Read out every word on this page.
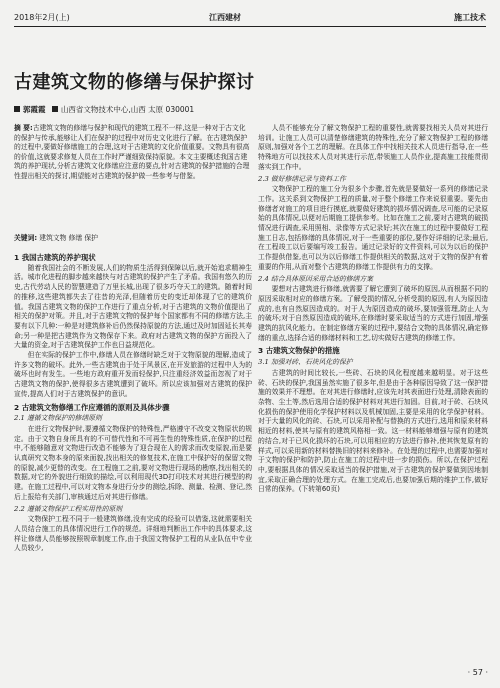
2018年2月(上)	江西建材	施工技术
古建筑文物的修缮与保护探讨
郭霞霞 山西省文物技术中心,山西 太原 030001
摘 要:古建筑文物的修缮与保护和现代的建筑工程不一样,这是一种对于古文化的保护与传承,能够让人们在保护的过程中对历史文化进行了解。在古建筑保护的过程中,要做好修缮施工的合理,这对于古建筑的文化价值重要。文物具有很高的价值,这就要求修复人员在工作时严谨细致保持原貌。本文主要概述我国古建筑的养护现状,分析古建筑文化修缮应注意的要点,针对古建筑的保护措施的合理性提出相关的探讨,期望能对古建筑的保护做一些参考与借鉴。
关键词: 建筑文物 修缮 保护
1 我国古建筑的养护现状

随着我国社会的不断发展,人们的物质生活得到保障以后,就开始追求精神生活。城市化进程的脚步越来越快与对古建筑的保护产生了矛盾。我国有悠久的历史,古代劳动人民的智慧建造了万里长城,出现了很多巧夺天工的建筑。随着时间的推移,这些建筑都失去了往昔的光泽,但随着历史的变迁却体现了它的建筑价值。我国古建筑文物的保护工作进行了重点分析,对于古建筑的文物价值提出了相关的保护对策。并且,对于古建筑文物的保护每个国家都有不同的修缮方法,主要有以下几种:一种是对建筑修补后仍然保持原貌的方法,通过及时加固延长其寿命;另一种是把古建筑作为文物保存下来。政府对古建筑文物的保护方面投入了大量的资金,对于古建筑保护工作也日益规范化。

但在实际的保护工作中,修缮人员在修缮时缺乏对于文物原貌的理解,造成了许多文物的破坏。此外,一些古建筑由于处于风景区,在开发旅游的过程中人为的破坏也时有发生。一些地方政府重开发而轻保护,只注重经济效益而忽视了对于古建筑文物的保护,使得很多古建筑遭到了破坏。所以应该加强对古建筑的保护宣传,提高人们对于古建筑保护的意识。

2 古建筑文物修缮工作应遵循的原则及具体步骤
2.1 遵循文物保护的修缮原则

在进行文物保护时,要遵循文物保护的特殊性,严格遵守不改变文物原状的规定。由于文物自身所具有的不可替代性和不可再生性的特殊性质,在保护的过程中,不能够随意对文物进行改造不能够为了迎合现在人的需求而改变原貌,而是要认真研究文物本身的原来面貌,找出相关的修复技术,在施工中保护好的保留文物的原貌,减少更替的改变。在工程施工之前,要对文物进行现场的勘察,找出相关的数据,对它的外貌进行细致的描绘,可以利用现代3D打印技术对其进行模型的构建。在施工过程中,可以对文物本身进行分步的测绘,拆除、测量、检测、登记,然后上报给有关部门,审核通过后对其进行修缮。

2.2 遵循文物保护工程实用性的原则

文物保护工程不同于一般建筑修缮,没有完成的经验可以借鉴,这就需要相关人员结合施工的具体情况进行工作的规范。详细地判断出工作中的具体要求,这样让修缮人员能够按照规章制度工作,由于我国文物保护工程的从业队伍中专业人员较少,

人员不能够充分了解文物保护工程的重要性,就需要找相关人员对其进行培训。让施工人员可以清楚修缮建筑的特殊性,充分了解文物保护工程的修缮原则,加强对各个工艺的理解。在具体工作中找相关技术人员进行指导,在一些特殊地方可以找技术人员对其进行示范,带领施工人员作业,提高施工技能贯彻落实到工作中。

2.3 做好修缮记录与资料工作

文物保护工程的施工分为很多个步骤,首先就是要做好一系列的修缮记录工作。这关系到文物保护工程的质量,对于整个修缮工作来说很重要。要先由修缮者对施工的项目进行摸底,就要做好建筑的损坏情况调查,尽可能的记录原始的具体情况,以便对后期施工提供参考。比如在施工之前,要对古建筑的破损情况进行调查,采用照相、录像等方式记录好;其次在施工的过程中要做好工程施工日志,包括修缮的具体情况,对于一些重要的部位,要作好详细的记录;最后,在工程竣工以后要编写竣工报告。通过记录好的文件资料,可以为以后的保护工作提供借鉴,也可以为以后修缮工作提供相关的数据,这对于文物的保护有着重要的作用,从而对整个古建筑的修缮工作提供有力的支撑。

2.4 结合具体原因采用合适的修缮方案

要想对古建筑进行修缮,就需要了解它遭到了破坏的原因,从而根据不同的原因采取相对应的修缮方案。了解受损的情况,分析受损的原因,有人为原因造成的,也有自然原因造成的。对于人为原因造成的破坏,要加强管理,防止人为的破坏;对于自然原因造成的破坏,在修缮时要采取适当的方式进行加固,增强建筑的抗风化能力。在制定修缮方案的过程中,要结合文物的具体情况,确定修缮的重点,选择合适的修缮材料和工艺,切实做好古建筑的修缮工作。

3 古建筑文物保护的措施
3.1 加强对砖、石块风化的保护

古建筑的时间比较长,一些砖、石块的风化程度越来越明显。对于这些砖、石块的保护,我国虽然实施了很多年,但是由于各种原因导致了这一保护措施的效果并不理想。在对其进行修缮时,应该先对其表面进行处理,清除表面的杂物、尘土等,然后选用合适的保护材料对其进行加固。目前,对于砖、石块风化损伤的保护使用化学保护材料以及机械加固,主要是采用的化学保护材料。对于大量的风化的砖、石块,可以采用补配与替换的方式进行,选用和原来材料相近的材料,使其与原有的建筑风格相一致。这一材料能够增强与原有的建筑的结合,对于已风化损坏的石块,可以用相应的方法进行修补,使其恢复原有的样式,可以采用新的材料替换旧的材料来修补。在处理的过程中,也需要加强对于文物的保护和防护,防止在施工的过程中进一步的损伤。所以,在保护过程中,要根据具体的情况采取适当的保护措施,对于古建筑的保护要做到因地制宜,采取正确合理的处理方式。在施工完成后,也要加强后期的维护工作,做好日常的保养。(下转第60页)

· 57 ·
